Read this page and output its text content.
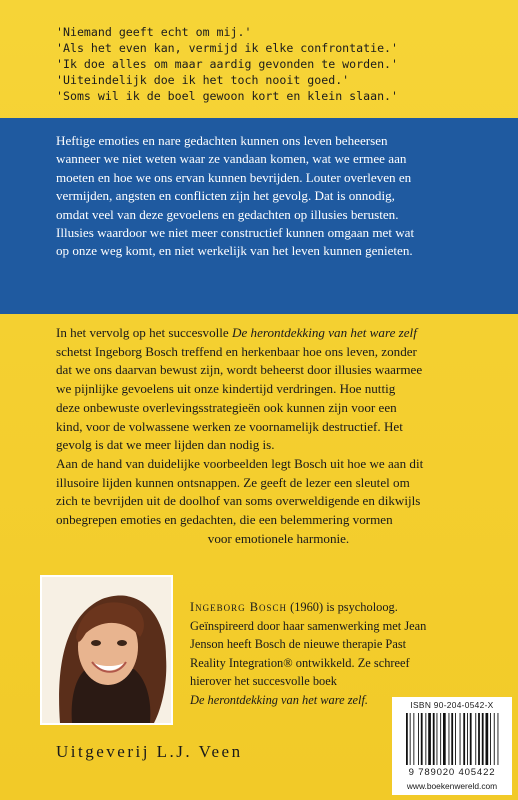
'Niemand geeft echt om mij.'
'Als het even kan, vermijd ik elke confrontatie.'
'Ik doe alles om maar aardig gevonden te worden.'
'Uiteindelijk doe ik het toch nooit goed.'
'Soms wil ik de boel gewoon kort en klein slaan.'
Heftige emoties en nare gedachten kunnen ons leven beheersen
wanneer we niet weten waar ze vandaan komen, wat we ermee aan
moeten en hoe we ons ervan kunnen bevrijden. Louter overleven en
vermijden, angsten en conflicten zijn het gevolg. Dat is onnodig,
omdat veel van deze gevoelens en gedachten op illusies berusten.
Illusies waardoor we niet meer constructief kunnen omgaan met wat
op onze weg komt, en niet werkelijk van het leven kunnen genieten.
In het vervolg op het succesvolle De herontdekking van het ware zelf
schetst Ingeborg Bosch treffend en herkenbaar hoe ons leven, zonder
dat we ons daarvan bewust zijn, wordt beheerst door illusies waarmee
we pijnlijke gevoelens uit onze kindertijd verdringen. Hoe nuttig
deze onbewuste overlevingsstrategieën ook kunnen zijn voor een
kind, voor de volwassene werken ze voornamelijk destructief. Het
gevolg is dat we meer lijden dan nodig is.
Aan de hand van duidelijke voorbeelden legt Bosch uit hoe we aan dit
illusoire lijden kunnen ontsnappen. Ze geeft de lezer een sleutel om
zich te bevrijden uit de doolhof van soms overweldigende en dikwijls
onbegrepen emoties en gedachten, die een belemmering vormen
voor emotionele harmonie.
Ingeborg Bosch (1960) is psycholoog.
Geïnspireerd door haar samenwerking met Jean
Jenson heeft Bosch de nieuwe therapie Past
Reality Integration® ontwikkeld. Ze schreef
hierover het succesvolle boek
De herontdekking van het ware zelf.
Uitgeverij L.J. Veen
ISBN 90-204-0542-X
9 789020 405422
www.boekenwereld.com
